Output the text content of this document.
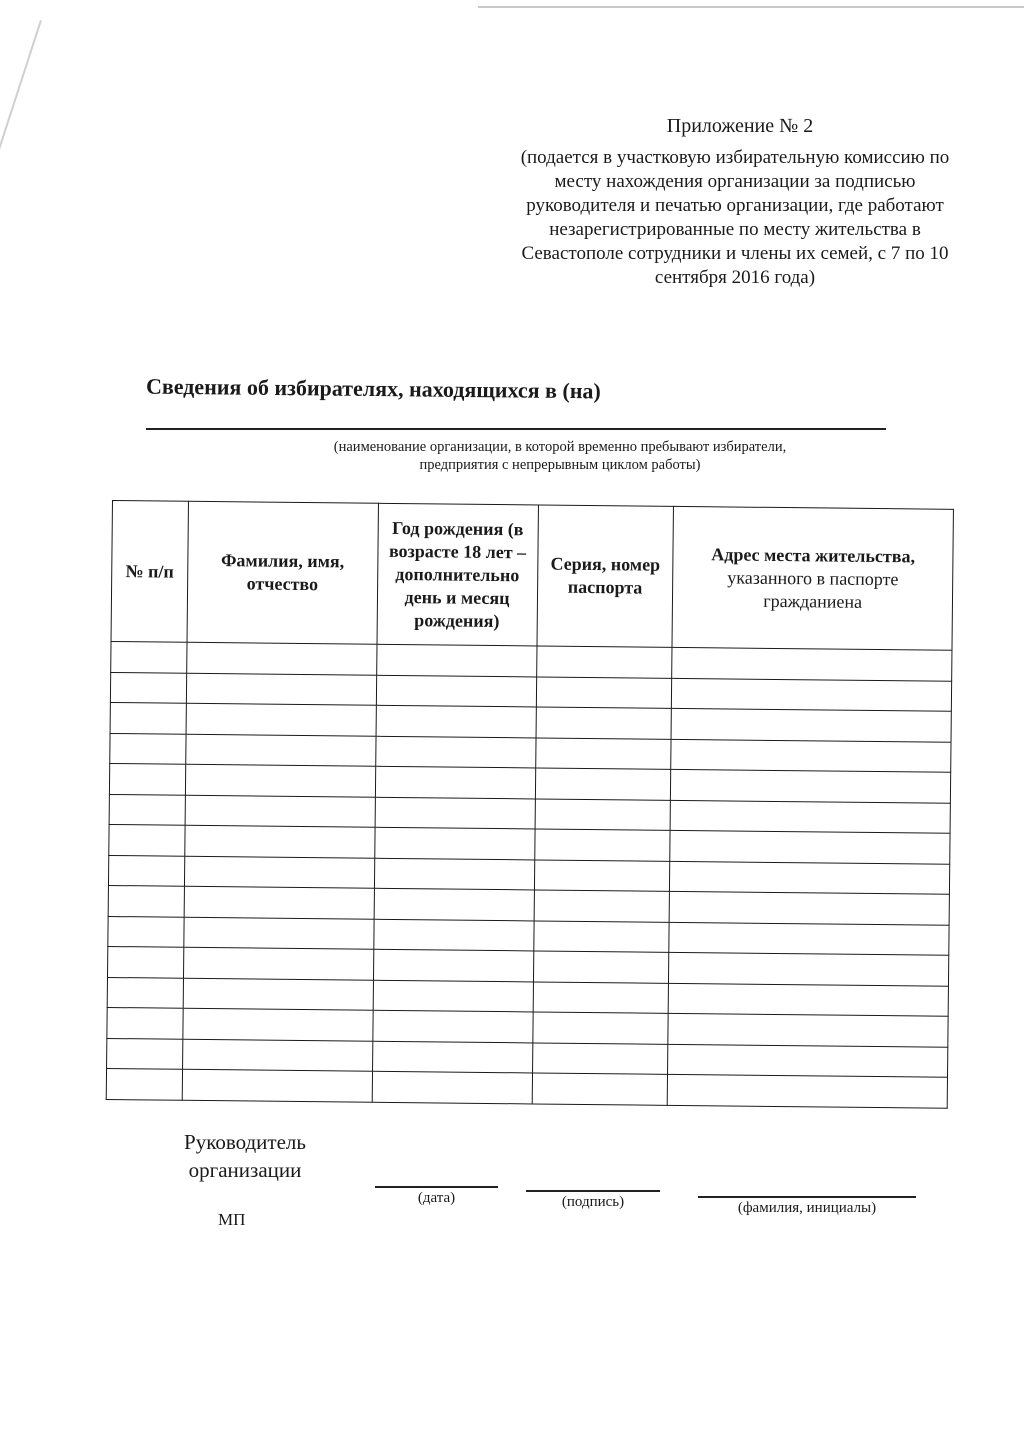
Приложение № 2
(подается в участковую избирательную комиссию по месту нахождения организации за подписью руководителя и печатью организации, где работают незарегистрированные по месту жительства в Севастополе сотрудники и члены их семей, с 7 по 10 сентября 2016 года)
Сведения об избирателях, находящихся в (на)
(наименование организации, в которой временно пребывают избиратели,
предприятия с непрерывным циклом работы)
№ п/п	Фамилия, имя, отчество	Год рождения (в возрасте 18 лет – дополнительно день и месяц рождения)	Серия, номер паспорта	Адрес места жительства,
указанного в паспорте гражданиена

Руководитель организации
(дата)	(подпись)	(фамилия, инициалы)
МП
